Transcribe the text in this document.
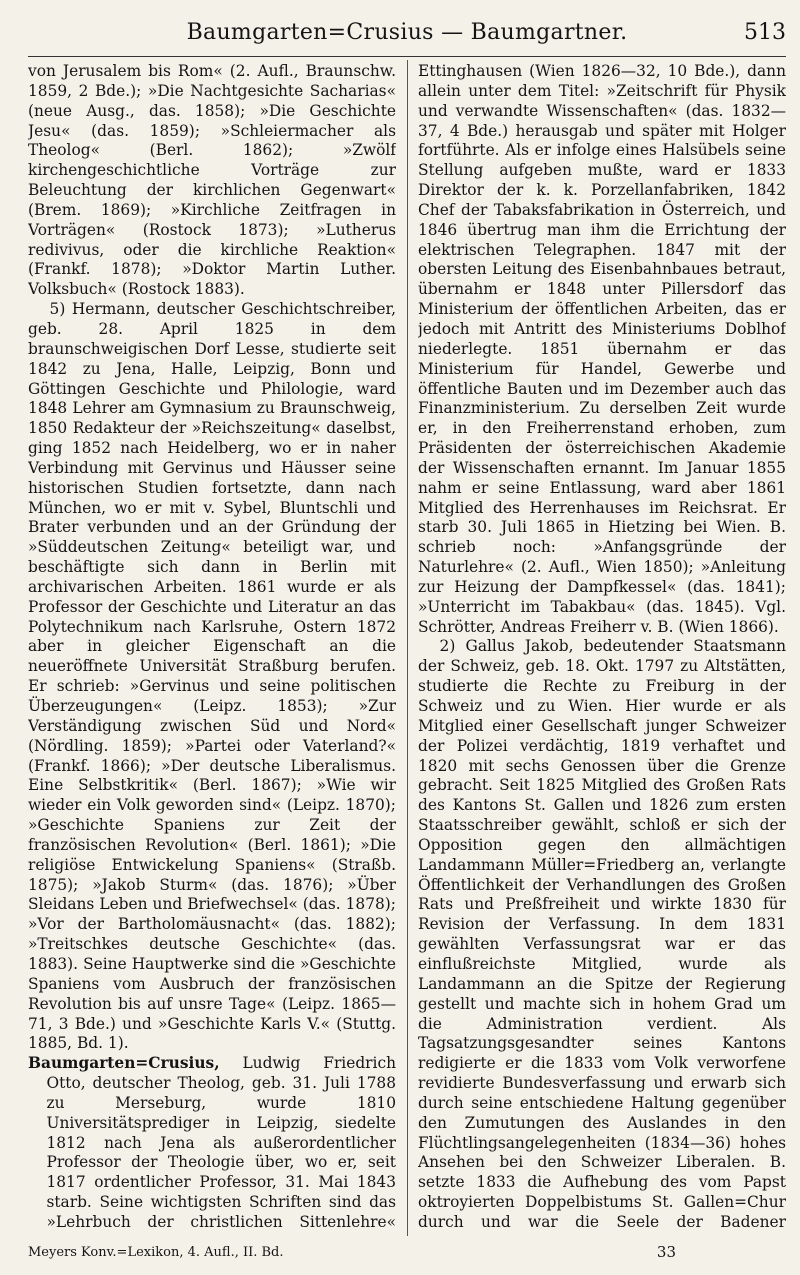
Baumgarten=Crusius — Baumgartner.	513

von Jerusalem bis Rom« (2. Aufl., Braunschw. 1859, 2 Bde.); »Die Nachtgesichte Sacharias« (neue Ausg., das. 1858); »Die Geschichte Jesu« (das. 1859); »Schleiermacher als Theolog« (Berl. 1862); »Zwölf kirchengeschichtliche Vorträge zur Beleuchtung der kirchlichen Gegenwart« (Brem. 1869); »Kirchliche Zeitfragen in Vorträgen« (Rostock 1873); »Lutherus redivivus, oder die kirchliche Reaktion« (Frankf. 1878); »Doktor Martin Luther. Volksbuch« (Rostock 1883).

5) Hermann, deutscher Geschichtschreiber, geb. 28. April 1825 in dem braunschweigischen Dorf Lesse, studierte seit 1842 zu Jena, Halle, Leipzig, Bonn und Göttingen Geschichte und Philologie, ward 1848 Lehrer am Gymnasium zu Braunschweig, 1850 Redakteur der »Reichszeitung« daselbst, ging 1852 nach Heidelberg, wo er in naher Verbindung mit Gervinus und Häusser seine historischen Studien fortsetzte, dann nach München, wo er mit v. Sybel, Bluntschli und Brater verbunden und an der Gründung der »Süddeutschen Zeitung« beteiligt war, und beschäftigte sich dann in Berlin mit archivarischen Arbeiten. 1861 wurde er als Professor der Geschichte und Literatur an das Polytechnikum nach Karlsruhe, Ostern 1872 aber in gleicher Eigenschaft an die neueröffnete Universität Straßburg berufen. Er schrieb: »Gervinus und seine politischen Überzeugungen« (Leipz. 1853); »Zur Verständigung zwischen Süd und Nord« (Nördling. 1859); »Partei oder Vaterland?« (Frankf. 1866); »Der deutsche Liberalismus. Eine Selbstkritik« (Berl. 1867); »Wie wir wieder ein Volk geworden sind« (Leipz. 1870); »Geschichte Spaniens zur Zeit der französischen Revolution« (Berl. 1861); »Die religiöse Entwickelung Spaniens« (Straßb. 1875); »Jakob Sturm« (das. 1876); »Über Sleidans Leben und Briefwechsel« (das. 1878); »Vor der Bartholomäusnacht« (das. 1882); »Treitschkes deutsche Geschichte« (das. 1883). Seine Hauptwerke sind die »Geschichte Spaniens vom Ausbruch der französischen Revolution bis auf unsre Tage« (Leipz. 1865—71, 3 Bde.) und »Geschichte Karls V.« (Stuttg. 1885, Bd. 1).

Baumgarten=Crusius, Ludwig Friedrich Otto, deutscher Theolog, geb. 31. Juli 1788 zu Merseburg, wurde 1810 Universitätsprediger in Leipzig, siedelte 1812 nach Jena als außerordentlicher Professor der Theologie über, wo er, seit 1817 ordentlicher Professor, 31. Mai 1843 starb. Seine wichtigsten Schriften sind das »Lehrbuch der christlichen Sittenlehre«

Ettinghausen (Wien 1826—32, 10 Bde.), dann allein unter dem Titel: »Zeitschrift für Physik und verwandte Wissenschaften« (das. 1832—37, 4 Bde.) herausgab und später mit Holger fortführte. Als er infolge eines Halsübels seine Stellung aufgeben mußte, ward er 1833 Direktor der k. k. Porzellanfabriken, 1842 Chef der Tabaksfabrikation in Österreich, und 1846 übertrug man ihm die Errichtung der elektrischen Telegraphen. 1847 mit der obersten Leitung des Eisenbahnbaues betraut, übernahm er 1848 unter Pillersdorf das Ministerium der öffentlichen Arbeiten, das er jedoch mit Antritt des Ministeriums Doblhof niederlegte. 1851 übernahm er das Ministerium für Handel, Gewerbe und öffentliche Bauten und im Dezember auch das Finanzministerium. Zu derselben Zeit wurde er, in den Freiherrenstand erhoben, zum Präsidenten der österreichischen Akademie der Wissenschaften ernannt. Im Januar 1855 nahm er seine Entlassung, ward aber 1861 Mitglied des Herrenhauses im Reichsrat. Er starb 30. Juli 1865 in Hietzing bei Wien. B. schrieb noch: »Anfangsgründe der Naturlehre« (2. Aufl., Wien 1850); »Anleitung zur Heizung der Dampfkessel« (das. 1841); »Unterricht im Tabakbau« (das. 1845). Vgl. Schrötter, Andreas Freiherr v. B. (Wien 1866).

2) Gallus Jakob, bedeutender Staatsmann der Schweiz, geb. 18. Okt. 1797 zu Altstätten, studierte die Rechte zu Freiburg in der Schweiz und zu Wien. Hier wurde er als Mitglied einer Gesellschaft junger Schweizer der Polizei verdächtig, 1819 verhaftet und 1820 mit sechs Genossen über die Grenze gebracht. Seit 1825 Mitglied des Großen Rats des Kantons St. Gallen und 1826 zum ersten Staatsschreiber gewählt, schloß er sich der Opposition gegen den allmächtigen Landammann Müller=Friedberg an, verlangte Öffentlichkeit der Verhandlungen des Großen Rats und Preßfreiheit und wirkte 1830 für Revision der Verfassung. In dem 1831 gewählten Verfassungsrat war er das einflußreichste Mitglied, wurde als Landammann an die Spitze der Regierung gestellt und machte sich in hohem Grad um die Administration verdient. Als Tagsatzungsgesandter seines Kantons redigierte er die 1833 vom Volk verworfene revidierte Bundesverfassung und erwarb sich durch seine entschiedene Haltung gegenüber den Zumutungen des Auslandes in den Flüchtlingsangelegenheiten (1834—36) hohes Ansehen bei den Schweizer Liberalen. B. setzte 1833 die Aufhebung des vom Papst oktroyierten Doppelbistums St. Gallen=Chur durch und war die Seele der Badener

Meyers Konv.=Lexikon, 4. Aufl., II. Bd.	33
